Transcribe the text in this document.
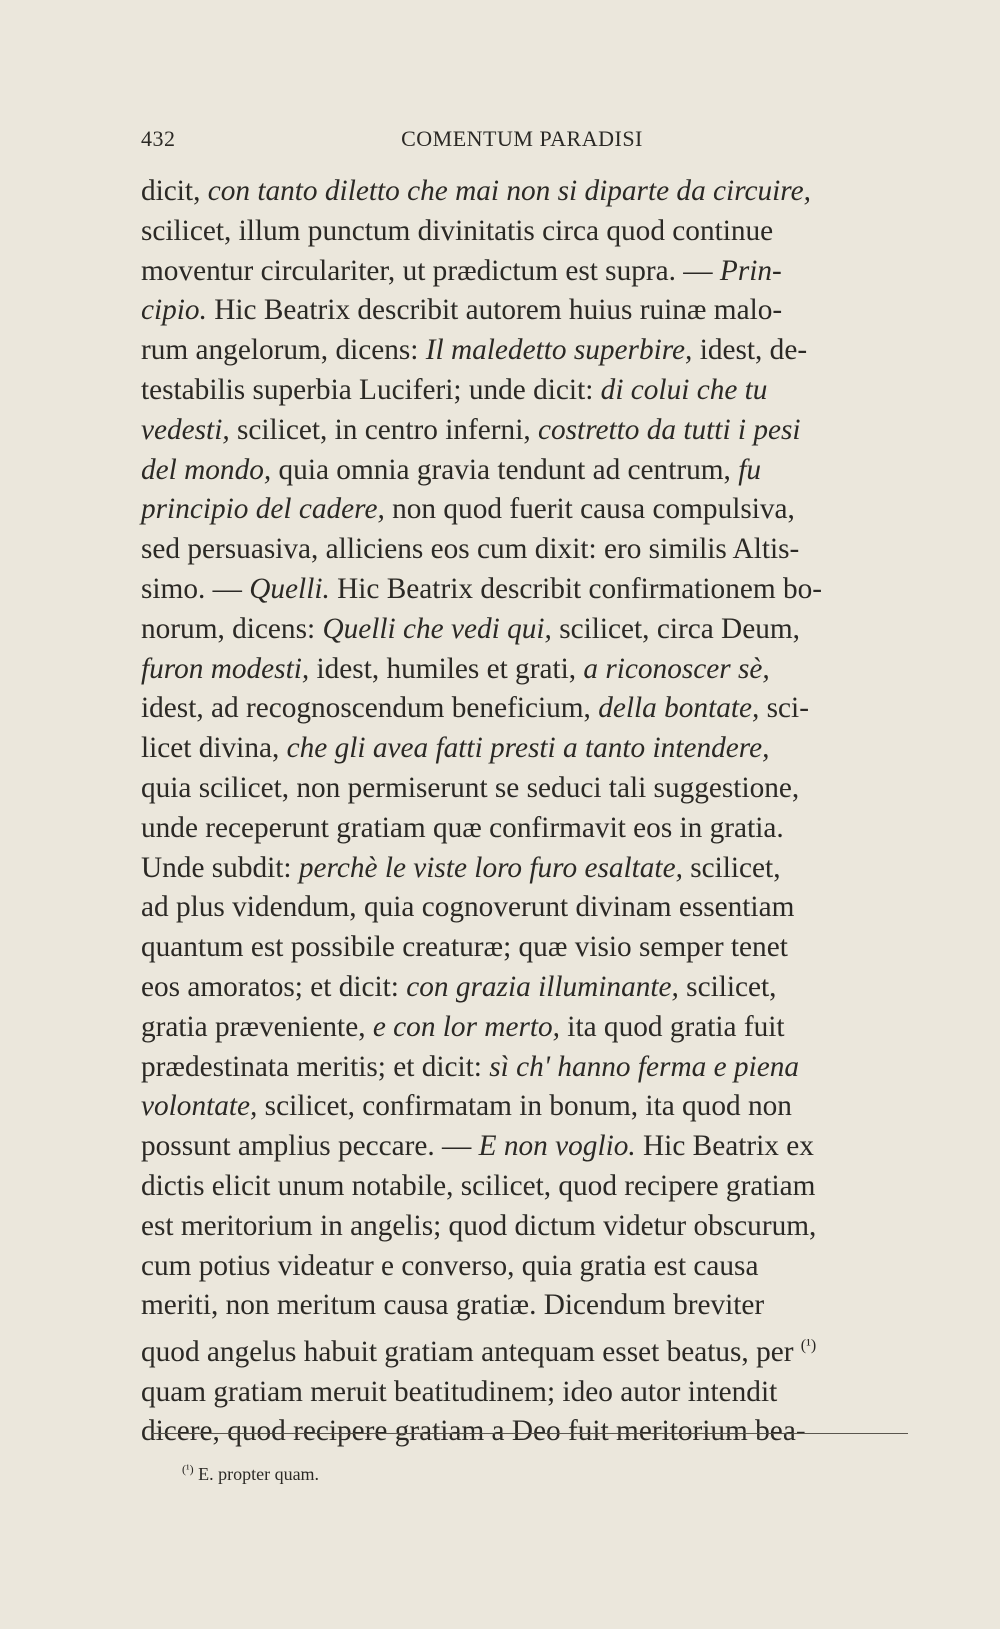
432	COMENTUM PARADISI
dicit, con tanto diletto che mai non si diparte da circuire,
scilicet, illum punctum divinitatis circa quod continue
moventur circulariter, ut prædictum est supra. — Prin-
cipio. Hic Beatrix describit autorem huius ruinæ malo-
rum angelorum, dicens: Il maledetto superbire, idest, de-
testabilis superbia Luciferi; unde dicit: di colui che tu
vedesti, scilicet, in centro inferni, costretto da tutti i pesi
del mondo, quia omnia gravia tendunt ad centrum, fu
principio del cadere, non quod fuerit causa compulsiva,
sed persuasiva, alliciens eos cum dixit: ero similis Altis-
simo. — Quelli. Hic Beatrix describit confirmationem bo-
norum, dicens: Quelli che vedi qui, scilicet, circa Deum,
furon modesti, idest, humiles et grati, a riconoscer sè,
idest, ad recognoscendum beneficium, della bontate, sci-
licet divina, che gli avea fatti presti a tanto intendere,
quia scilicet, non permiserunt se seduci tali suggestione,
unde receperunt gratiam quæ confirmavit eos in gratia.
Unde subdit: perchè le viste loro furo esaltate, scilicet,
ad plus videndum, quia cognoverunt divinam essentiam
quantum est possibile creaturæ; quæ visio semper tenet
eos amoratos; et dicit: con grazia illuminante, scilicet,
gratia præveniente, e con lor merto, ita quod gratia fuit
prædestinata meritis; et dicit: sì ch' hanno ferma e piena
volontate, scilicet, confirmatam in bonum, ita quod non
possunt amplius peccare. — E non voglio. Hic Beatrix ex
dictis elicit unum notabile, scilicet, quod recipere gratiam
est meritorium in angelis; quod dictum videtur obscurum,
cum potius videatur e converso, quia gratia est causa
meriti, non meritum causa gratiæ. Dicendum breviter
quod angelus habuit gratiam antequam esset beatus, per $^{(^1)}$
quam gratiam meruit beatitudinem; ideo autor intendit
dicere, quod recipere gratiam a Deo fuit meritorium bea-
$^{(^1)}$ E. propter quam.
